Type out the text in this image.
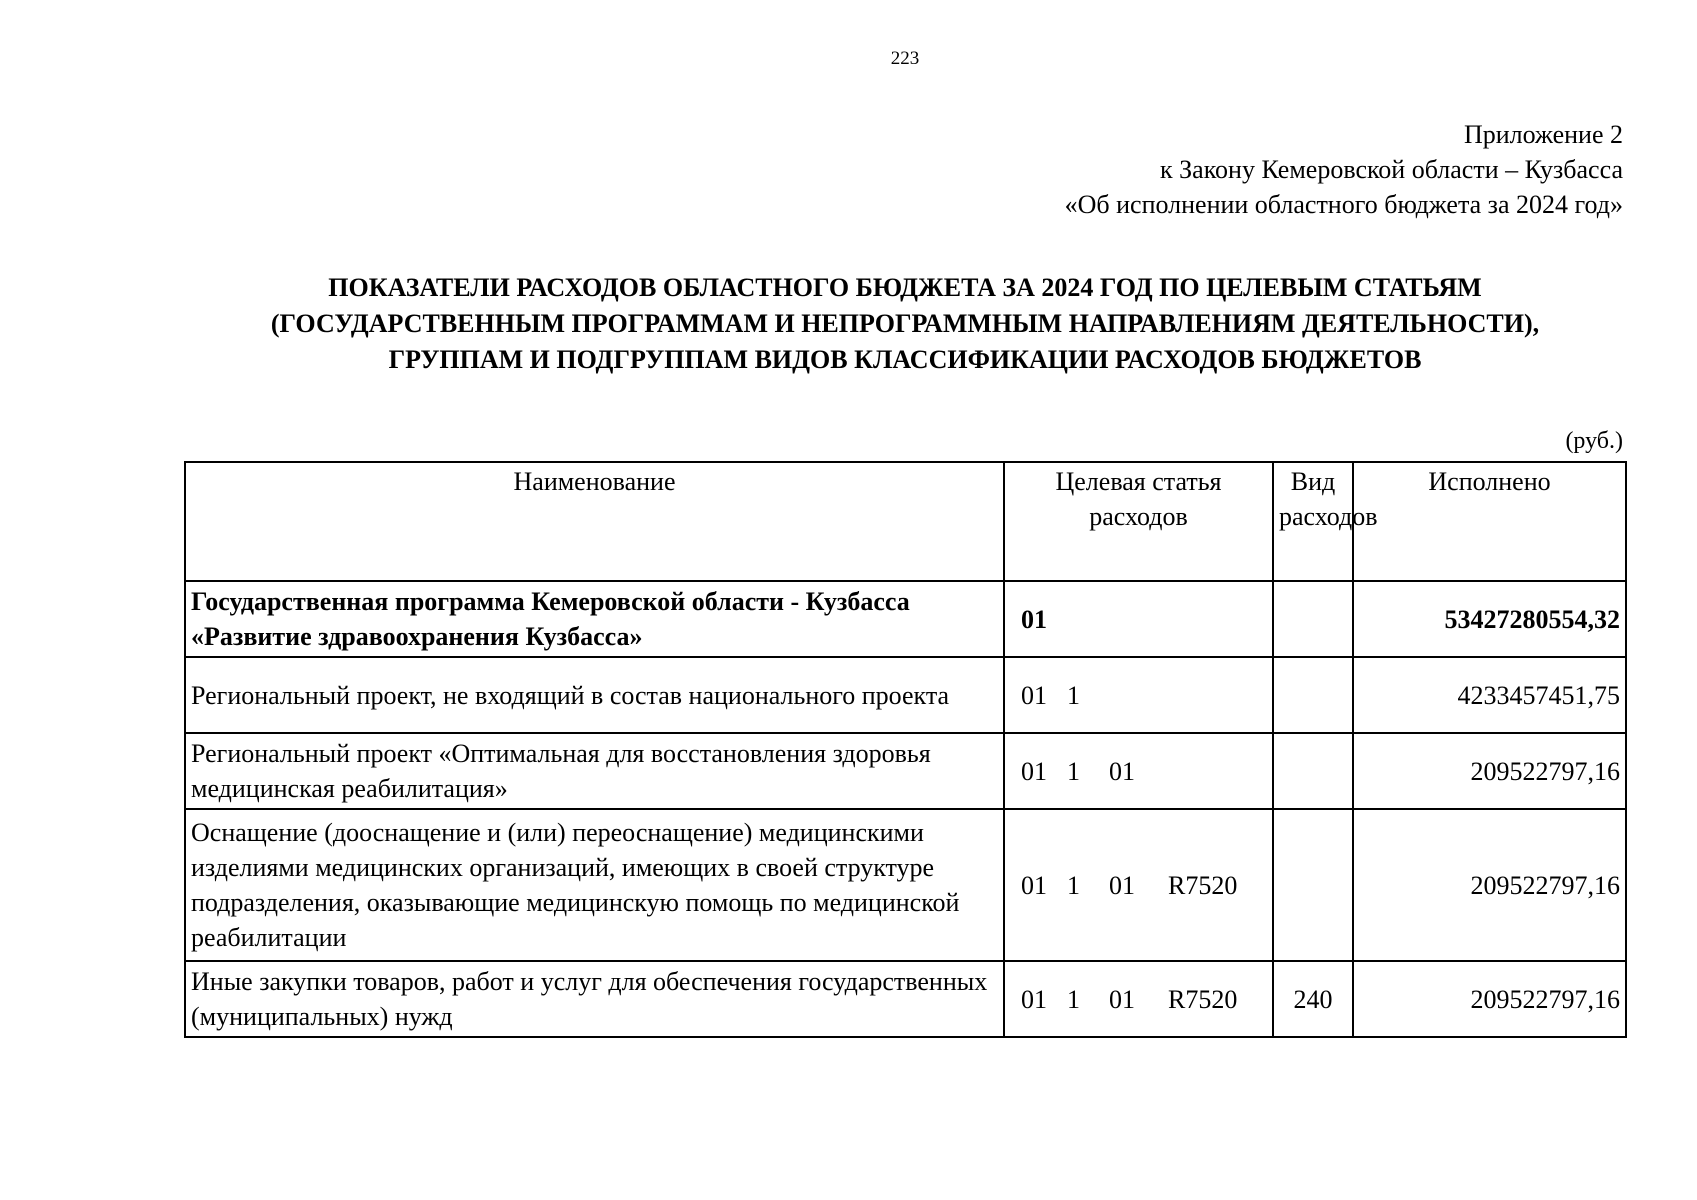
223
Приложение 2
к Закону Кемеровской области – Кузбасса
«Об исполнении областного бюджета за 2024 год»
ПОКАЗАТЕЛИ РАСХОДОВ ОБЛАСТНОГО БЮДЖЕТА ЗА 2024 ГОД ПО ЦЕЛЕВЫМ СТАТЬЯМ
(ГОСУДАРСТВЕННЫМ ПРОГРАММАМ И НЕПРОГРАММНЫМ НАПРАВЛЕНИЯМ ДЕЯТЕЛЬНОСТИ),
ГРУППАМ И ПОДГРУППАМ ВИДОВ КЛАССИФИКАЦИИ РАСХОДОВ БЮДЖЕТОВ
(руб.)
Наименование	Целевая статья расходов	Вид расходов	Исполнено
Государственная программа Кемеровской области - Кузбасса «Развитие здравоохранения Кузбасса»	01		53427280554,32
Региональный проект, не входящий в состав национального проекта	01 1		4233457451,75
Региональный проект «Оптимальная для восстановления здоровья медицинская реабилитация»	01 1 01		209522797,16
Оснащение (дооснащение и (или) переоснащение) медицинскими изделиями медицинских организаций, имеющих в своей структуре подразделения, оказывающие медицинскую помощь по медицинской реабилитации	01 1 01 R7520		209522797,16
Иные закупки товаров, работ и услуг для обеспечения государственных (муниципальных) нужд	01 1 01 R7520	240	209522797,16
